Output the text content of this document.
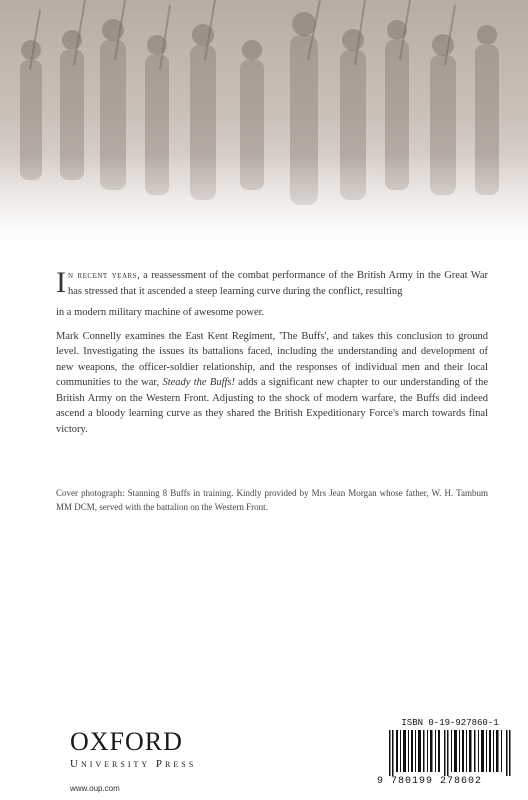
In recent years, a reassessment of the combat performance of the British Army in the Great War has stressed that it ascended a steep learning curve during the conflict, resulting
in a modern military machine of awesome power.

Mark Connelly examines the East Kent Regiment, 'The Buffs', and takes this conclusion to ground level. Investigating the issues its battalions faced, including the understanding and development of new weapons, the officer-soldier relationship, and the responses of individual men and their local communities to the war, Steady the Buffs! adds a significant new chapter to our understanding of the British Army on the Western Front. Adjusting to the shock of modern warfare, the Buffs did indeed ascend a bloody learning curve as they shared the British Expeditionary Force's march towards final victory.

Cover photograph: Stanning 8 Buffs in training. Kindly provided by Mrs Jean Morgan whose father, W. H. Tambum MM DCM, served with the battalion on the Western Front.
OXFORD
University Press
www.oup.com
ISBN 0-19-927860-1
9 780199 278602
